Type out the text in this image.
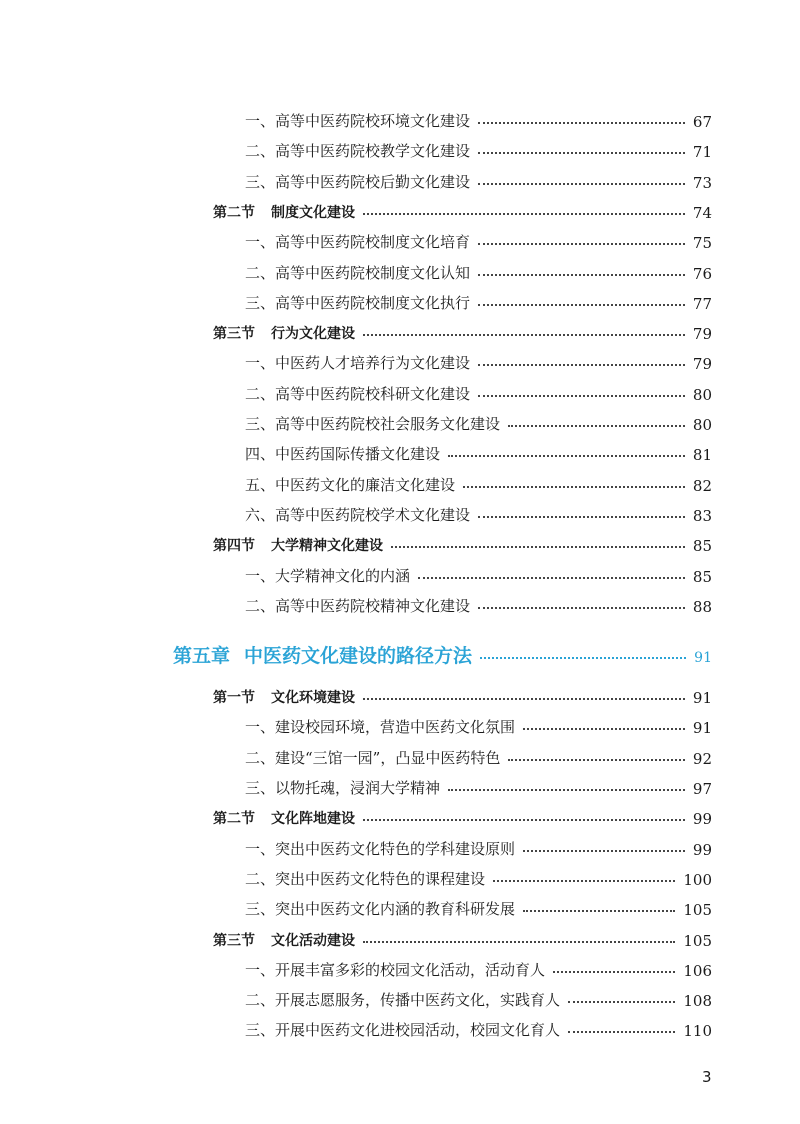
一、高等中医药院校环境文化建设	67
二、高等中医药院校教学文化建设	71
三、高等中医药院校后勤文化建设	73
第二节 制度文化建设	74
一、高等中医药院校制度文化培育	75
二、高等中医药院校制度文化认知	76
三、高等中医药院校制度文化执行	77
第三节 行为文化建设	79
一、中医药人才培养行为文化建设	79
二、高等中医药院校科研文化建设	80
三、高等中医药院校社会服务文化建设	80
四、中医药国际传播文化建设	81
五、中医药文化的廉洁文化建设	82
六、高等中医药院校学术文化建设	83
第四节 大学精神文化建设	85
一、大学精神文化的内涵	85
二、高等中医药院校精神文化建设	88
第五章 中医药文化建设的路径方法	91
第一节 文化环境建设	91
一、建设校园环境，营造中医药文化氛围	91
二、建设“三馆一园”，凸显中医药特色	92
三、以物托魂，浸润大学精神	97
第二节 文化阵地建设	99
一、突出中医药文化特色的学科建设原则	99
二、突出中医药文化特色的课程建设	100
三、突出中医药文化内涵的教育科研发展	105
第三节 文化活动建设	105
一、开展丰富多彩的校园文化活动，活动育人	106
二、开展志愿服务，传播中医药文化，实践育人	108
三、开展中医药文化进校园活动，校园文化育人	110
3
